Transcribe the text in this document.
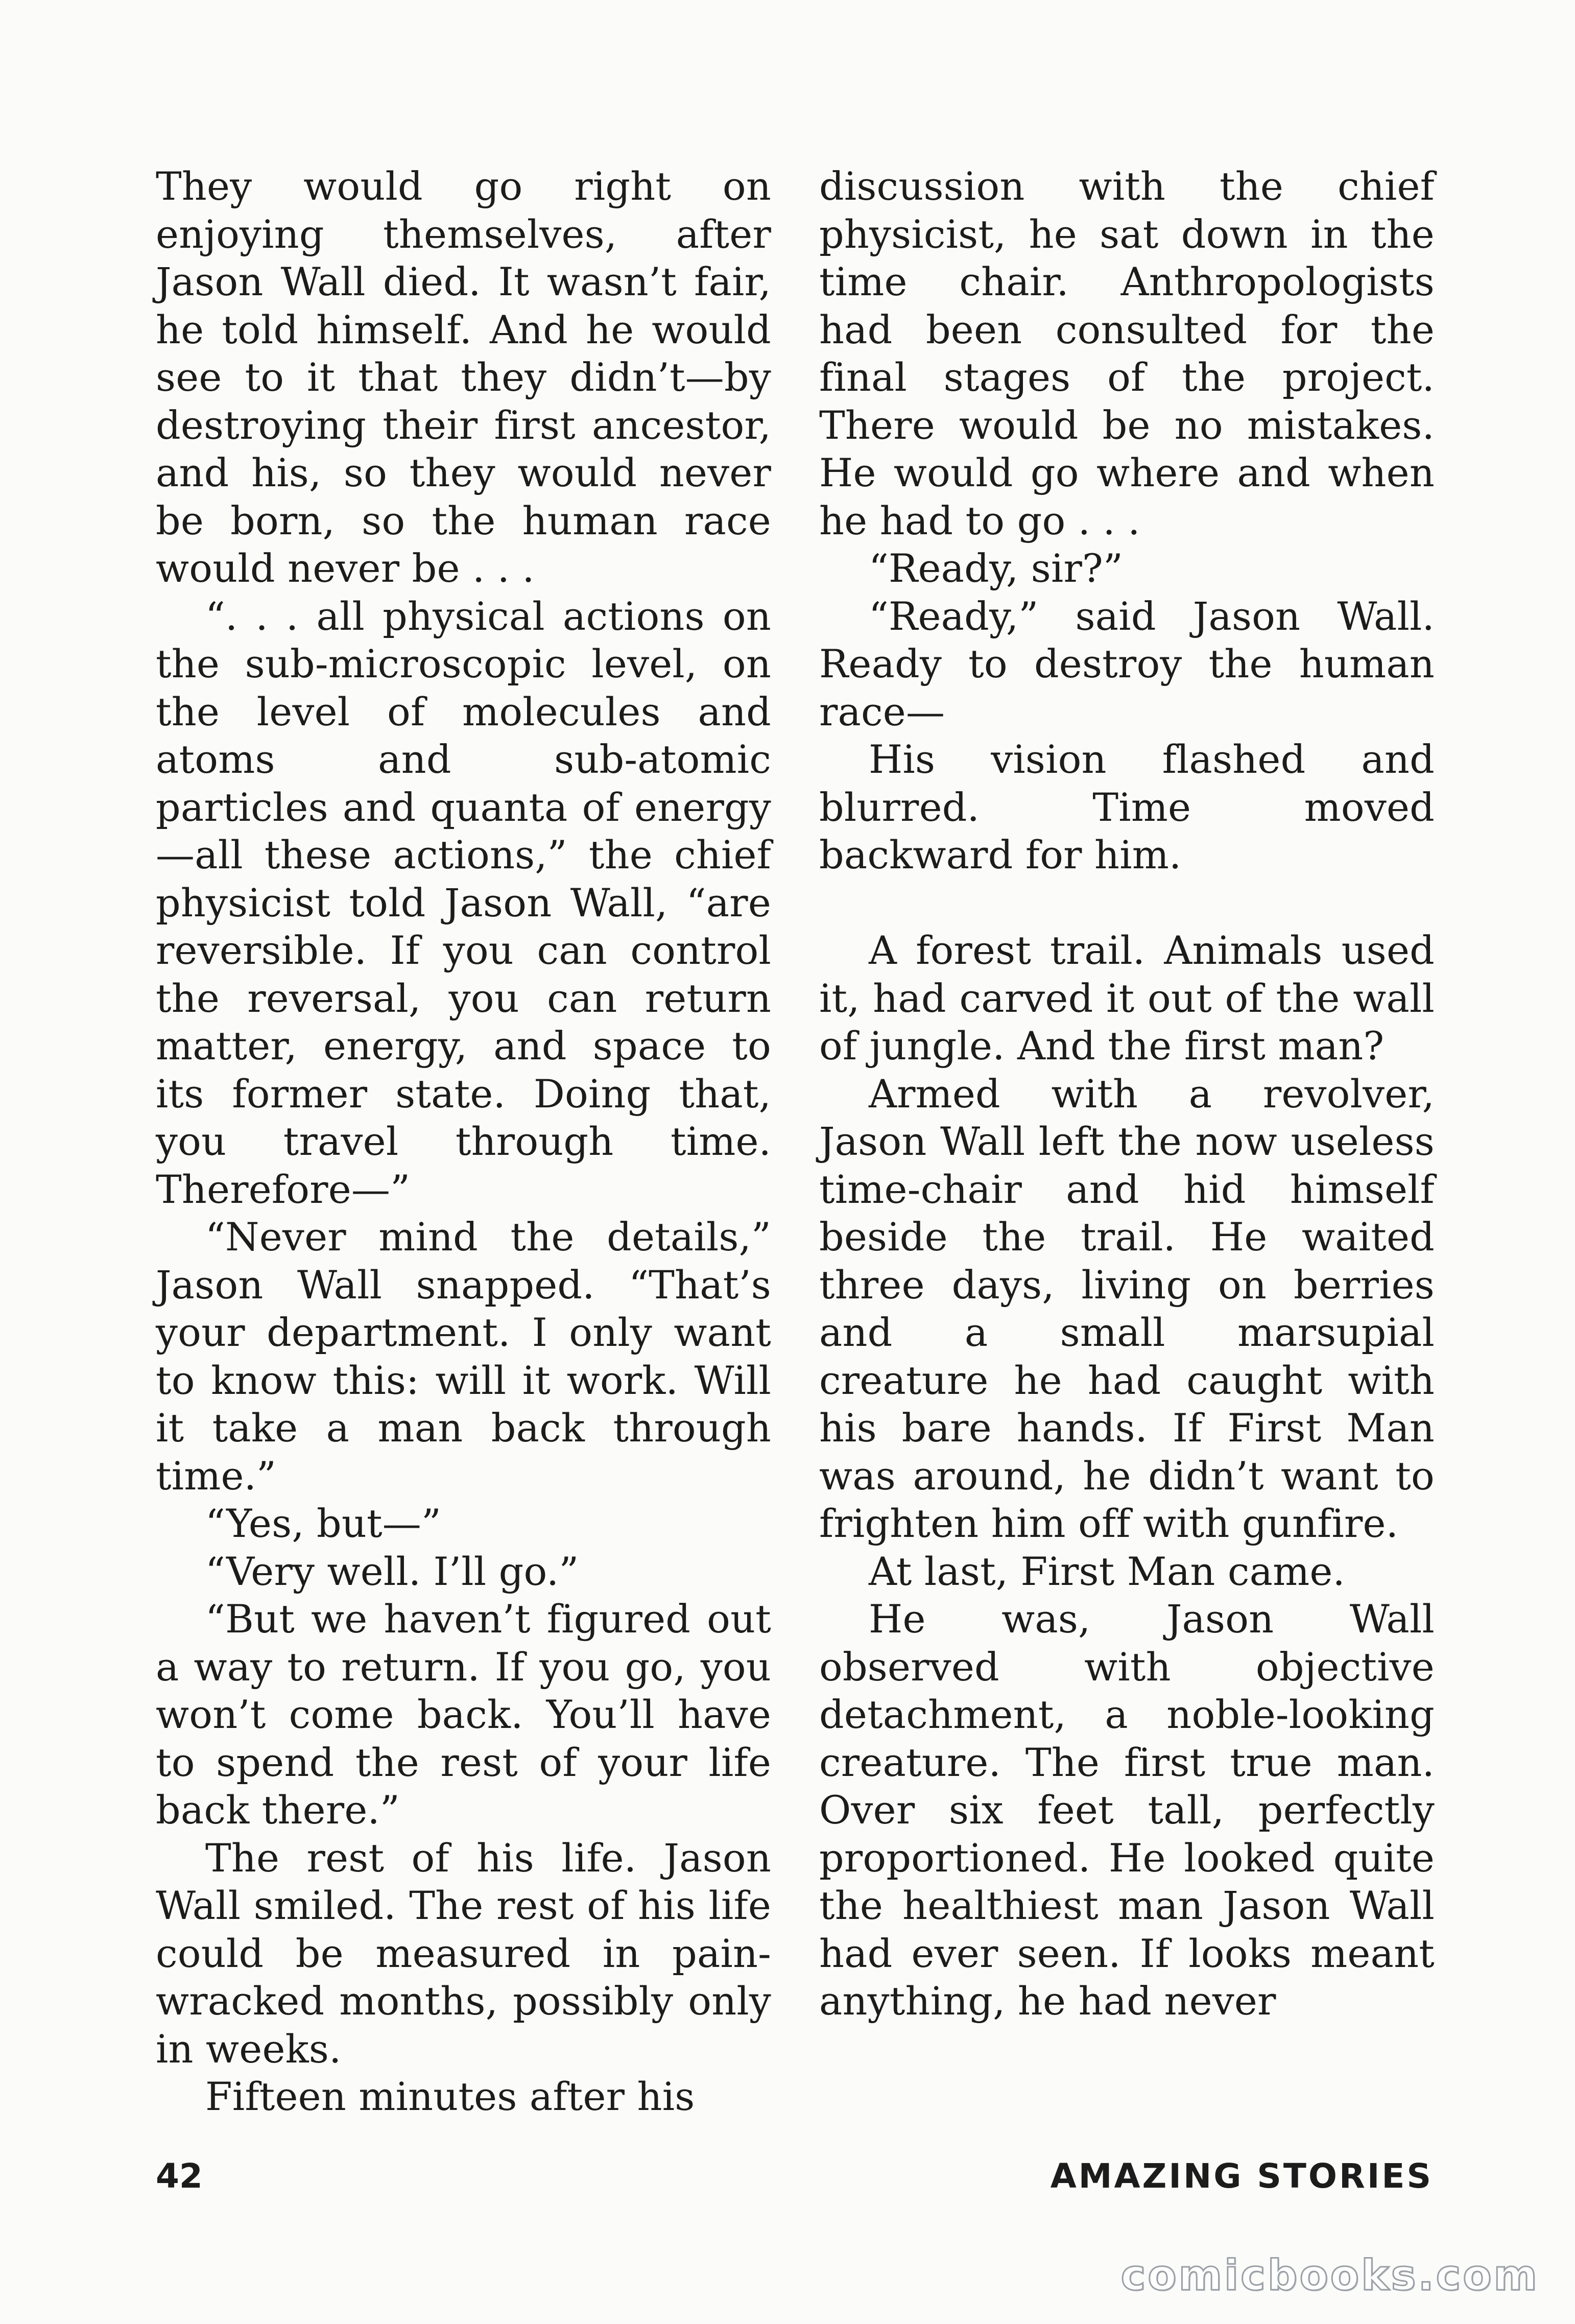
They would go right on enjoying themselves, after Jason Wall died. It wasn’t fair, he told himself. And he would see to it that they didn’t—by destroying their first ancestor, and his, so they would never be born, so the human race would never be . . .

“. . . all physical actions on the sub-microscopic level, on the level of molecules and atoms and sub-atomic particles and quanta of energy—all these actions,” the chief physicist told Jason Wall, “are reversible. If you can control the reversal, you can return matter, energy, and space to its former state. Doing that, you travel through time. Therefore—”

“Never mind the details,” Jason Wall snapped. “That’s your department. I only want to know this: will it work. Will it take a man back through time.”

“Yes, but—”

“Very well. I’ll go.”

“But we haven’t figured out a way to return. If you go, you won’t come back. You’ll have to spend the rest of your life back there.”

The rest of his life. Jason Wall smiled. The rest of his life could be measured in pain-wracked months, possibly only in weeks.

Fifteen minutes after his

discussion with the chief physicist, he sat down in the time chair. Anthropologists had been consulted for the final stages of the project. There would be no mistakes. He would go where and when he had to go . . .

“Ready, sir?”

“Ready,” said Jason Wall. Ready to destroy the human race—

His vision flashed and blurred. Time moved backward for him.

A forest trail. Animals used it, had carved it out of the wall of jungle. And the first man?

Armed with a revolver, Jason Wall left the now useless time-chair and hid himself beside the trail. He waited three days, living on berries and a small marsupial creature he had caught with his bare hands. If First Man was around, he didn’t want to frighten him off with gunfire.

At last, First Man came.

He was, Jason Wall observed with objective detachment, a noble-looking creature. The first true man. Over six feet tall, perfectly proportioned. He looked quite the healthiest man Jason Wall had ever seen. If looks meant anything, he had never

42	AMAZING STORIES
comicbooks.com
